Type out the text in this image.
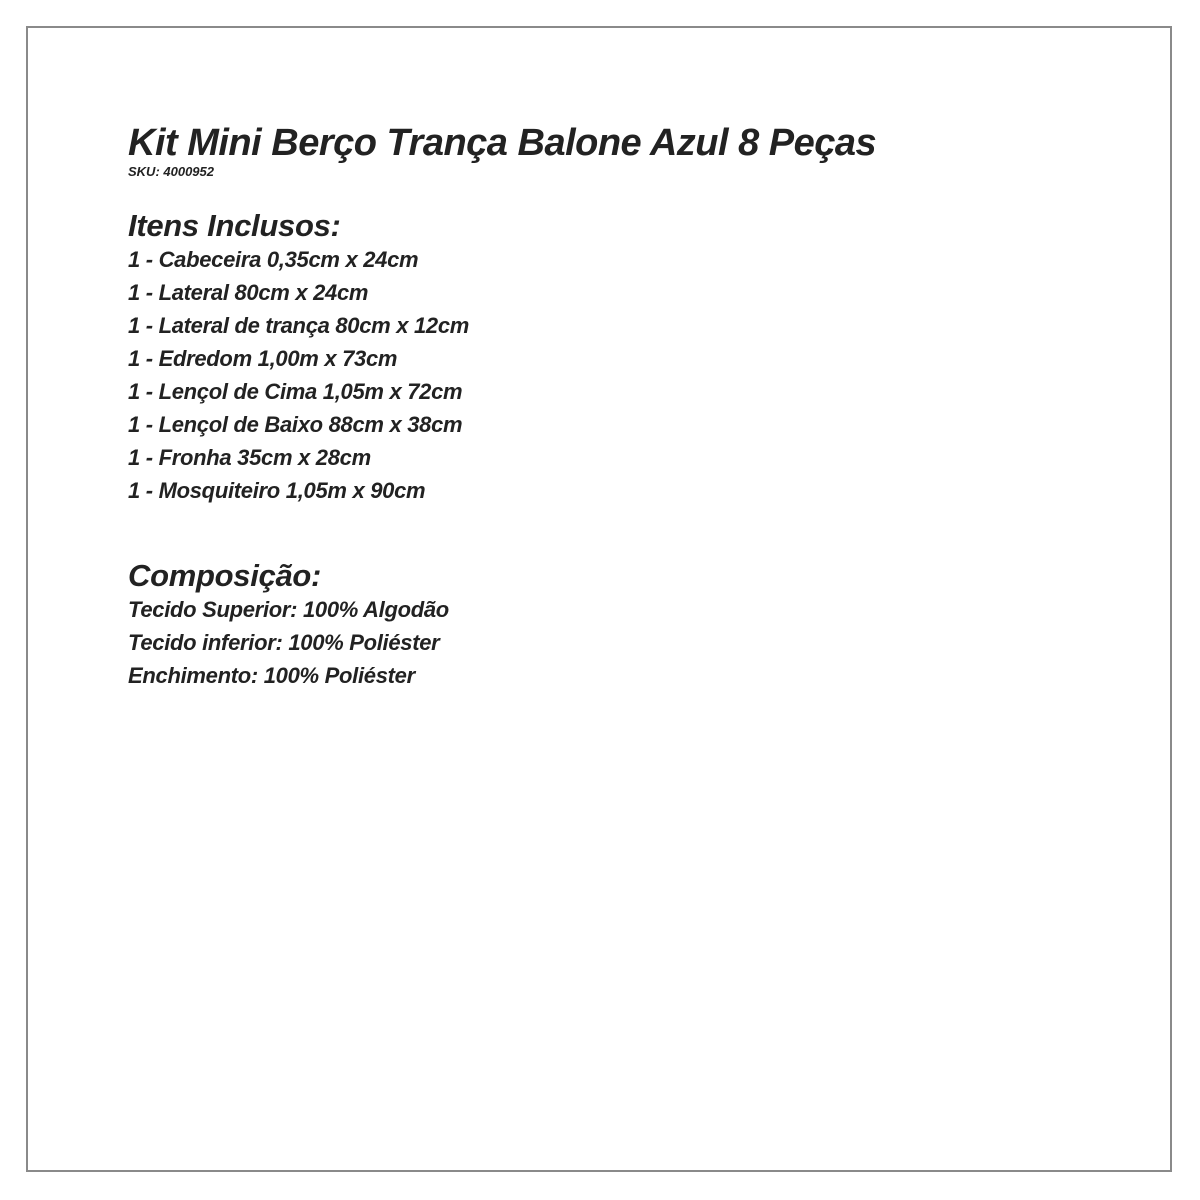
Kit Mini Berço Trança Balone Azul 8 Peças
SKU: 4000952
Itens Inclusos:
1 - Cabeceira 0,35cm x 24cm
1 - Lateral 80cm x 24cm
1 - Lateral de trança 80cm x 12cm
1 - Edredom 1,00m x 73cm
1 - Lençol de Cima 1,05m x 72cm
1 - Lençol de Baixo 88cm x 38cm
1 - Fronha 35cm x 28cm
1 - Mosquiteiro 1,05m x 90cm
Composição:
Tecido Superior: 100% Algodão
Tecido inferior: 100% Poliéster
Enchimento: 100% Poliéster
